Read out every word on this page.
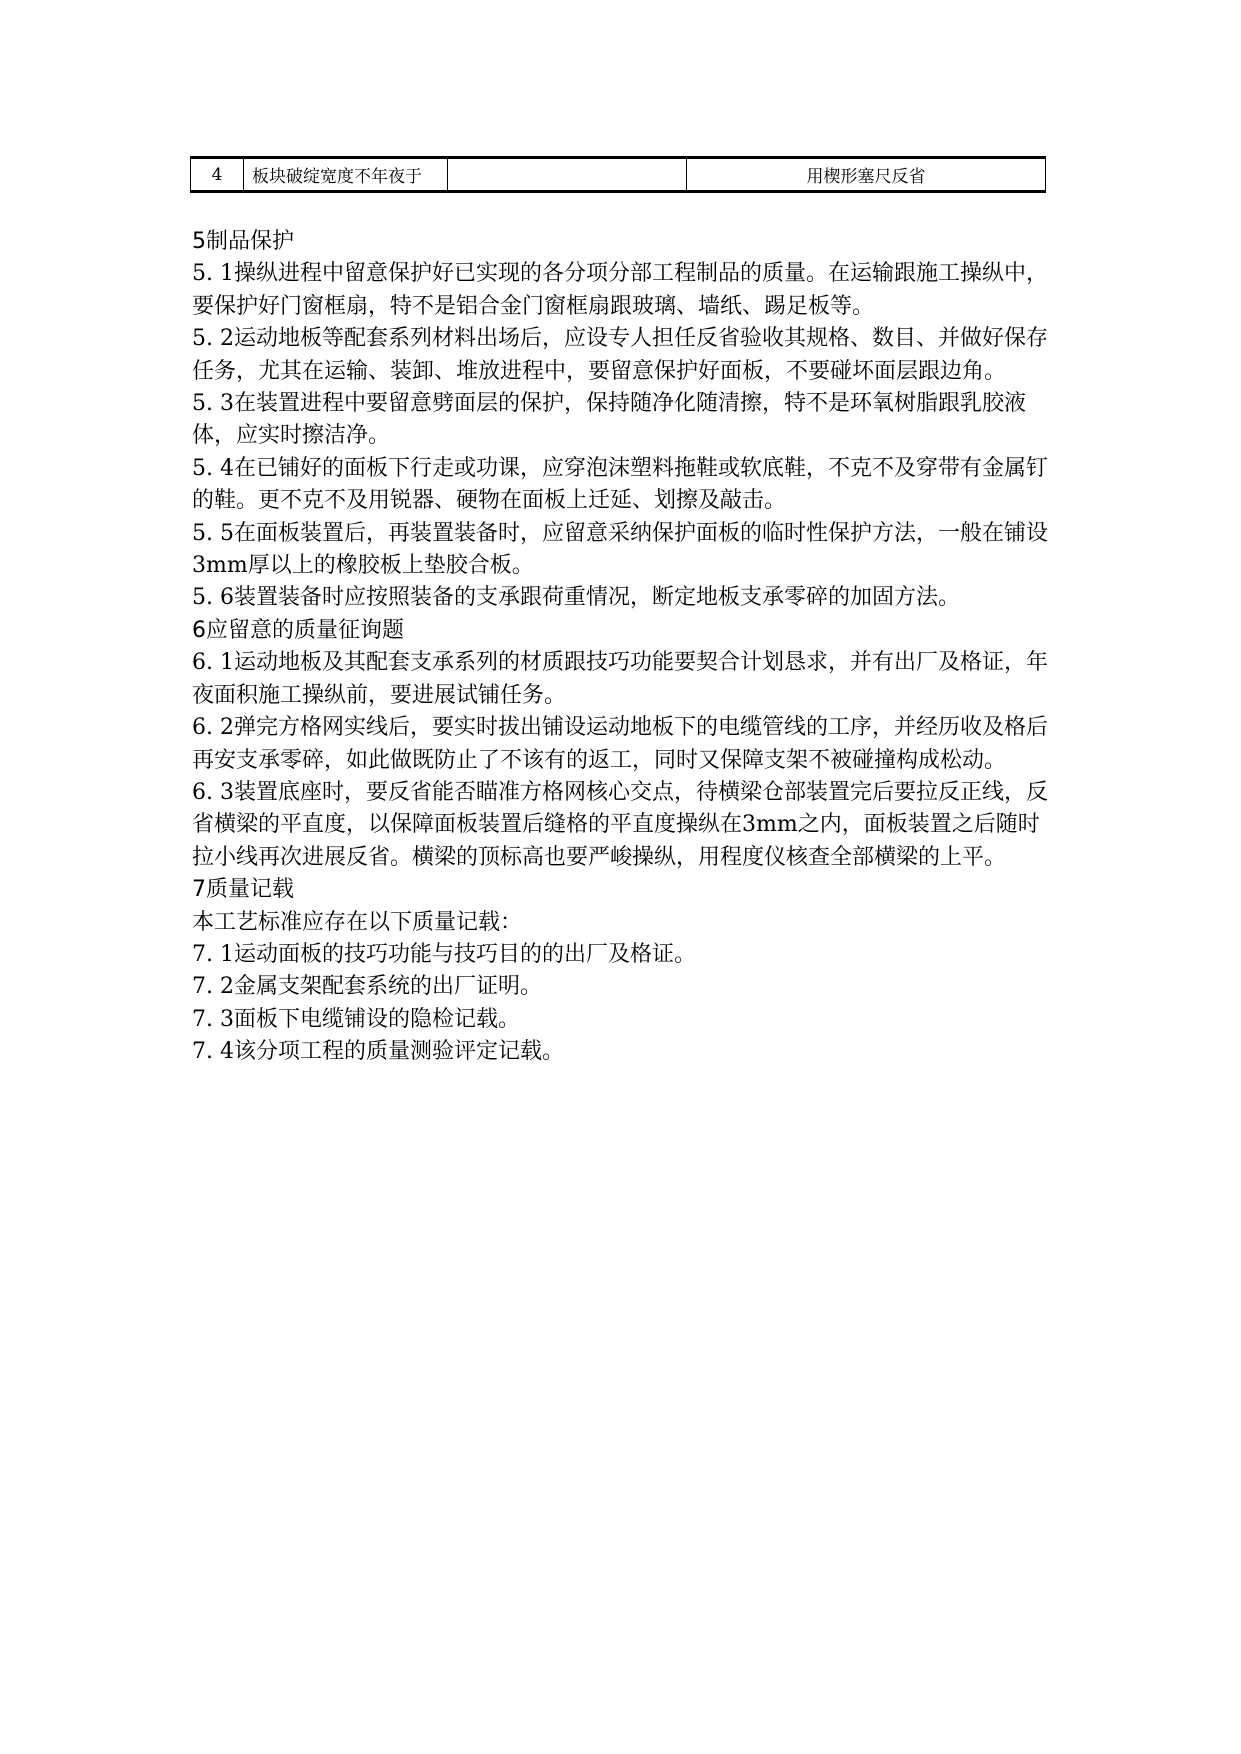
4	板块破绽宽度不年夜于		用楔形塞尺反省

5制品保护

5. 1操纵进程中留意保护好已实现的各分项分部工程制品的质量。在运输跟施工操纵中，要保护好门窗框扇，特不是铝合金门窗框扇跟玻璃、墙纸、踢足板等。

5. 2运动地板等配套系列材料出场后，应设专人担任反省验收其规格、数目、并做好保存任务，尤其在运输、装卸、堆放进程中，要留意保护好面板，不要碰坏面层跟边角。

5. 3在装置进程中要留意劈面层的保护，保持随净化随清擦，特不是环氧树脂跟乳胶液体，应实时擦洁净。

5. 4在已铺好的面板下行走或功课，应穿泡沫塑料拖鞋或软底鞋，不克不及穿带有金属钉的鞋。更不克不及用锐器、硬物在面板上迁延、划擦及敲击。

5. 5在面板装置后，再装置装备时，应留意采纳保护面板的临时性保护方法，一般在铺设3mm厚以上的橡胶板上垫胶合板。

5. 6装置装备时应按照装备的支承跟荷重情况，断定地板支承零碎的加固方法。

6应留意的质量征询题

6. 1运动地板及其配套支承系列的材质跟技巧功能要契合计划恳求，并有出厂及格证，年夜面积施工操纵前，要进展试铺任务。

6. 2弹完方格网实线后，要实时拔出铺设运动地板下的电缆管线的工序，并经历收及格后再安支承零碎，如此做既防止了不该有的返工，同时又保障支架不被碰撞构成松动。

6. 3装置底座时，要反省能否瞄准方格网核心交点，待横梁仓部装置完后要拉反正线，反省横梁的平直度，以保障面板装置后缝格的平直度操纵在3mm之内，面板装置之后随时拉小线再次进展反省。横梁的顶标高也要严峻操纵，用程度仪核查全部横梁的上平。

7质量记载

本工艺标准应存在以下质量记载：

7. 1运动面板的技巧功能与技巧目的的出厂及格证。

7. 2金属支架配套系统的出厂证明。

7. 3面板下电缆铺设的隐检记载。

7. 4该分项工程的质量测验评定记载。
